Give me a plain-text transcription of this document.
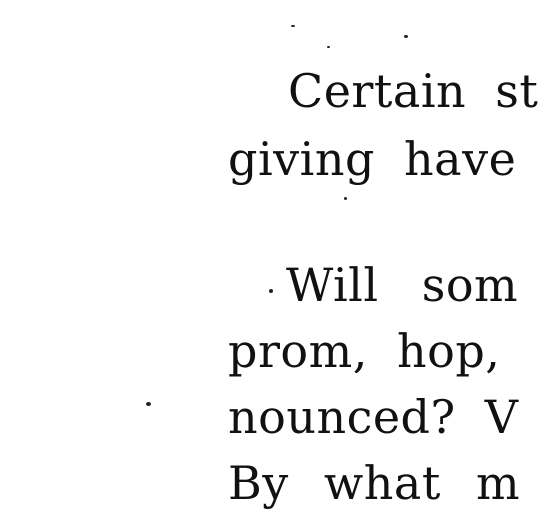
Certain st
giving have
Will som
prom, hop,
nounced? V
By what m
